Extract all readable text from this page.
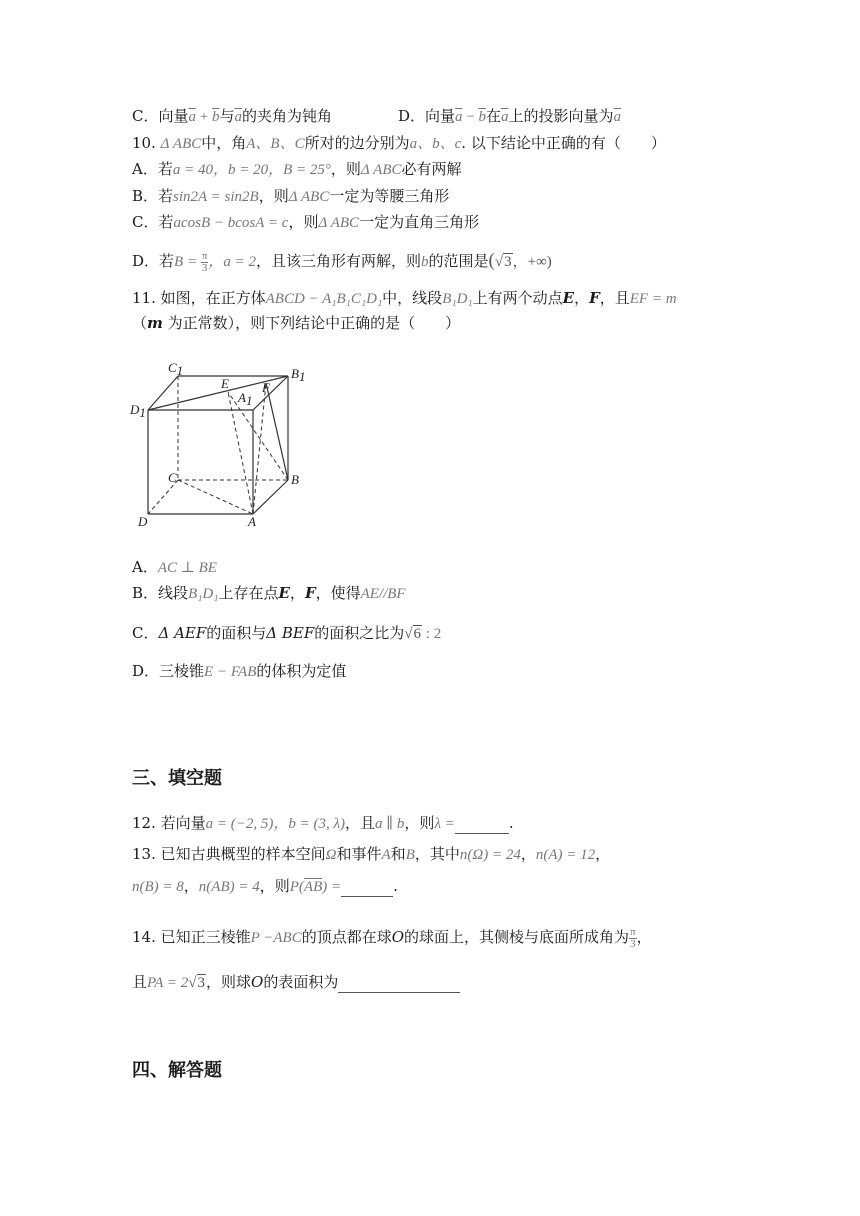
C．向量$\overline{a} + \overline{b}$与$\overline{a}$的夹角为钝角	D．向量$\overline{a} - \overline{b}$在$\overline{a}$上的投影向量为$\overline{a}$
10. Δ ABC中，角A、B、C所对的边分别为a、b、c. 以下结论中正确的有（　　）
A．若a = 40，b = 20，B = 25°，则Δ ABC必有两解
B．若sin2A = sin2B，则Δ ABC一定为等腰三角形
C．若acosB − bcosA = c，则Δ ABC一定为直角三角形
D．若$B = \frac{\pi}{3}$ ，a = 2，且该三角形有两解，则b的范围是(√3，+∞)
11. 如图，在正方体ABCD − A₁B₁C₁D₁中，线段B₁D₁上有两个动点E，F，且EF = m
（m 为正常数），则下列结论中正确的是（　　）
C1	B1
D1
A1
E	F
C	B
D	A
A．AC ⊥ BE
B．线段B₁D₁上存在点E，F，使得AE//BF
C．Δ AEF的面积与Δ BEF的面积之比为√6 : 2
D．三棱锥E − FAB的体积为定值
三、填空题
12. 若向量a = (−2, 5)，b = (3, λ)，且a ∥ b，则λ =	.
13. 已知古典概型的样本空间Ω和事件A和B，其中n(Ω) = 24，n(A) = 12，
n(B) = 8，n(AB) = 4，则$P(\overline{AB})$ =	.
14. 已知正三棱锥P −ABC的顶点都在球O的球面上，其侧棱与底面所成角为 $\frac{\pi}{3}$ ，
且PA = 2√3，则球O的表面积为
四、解答题
